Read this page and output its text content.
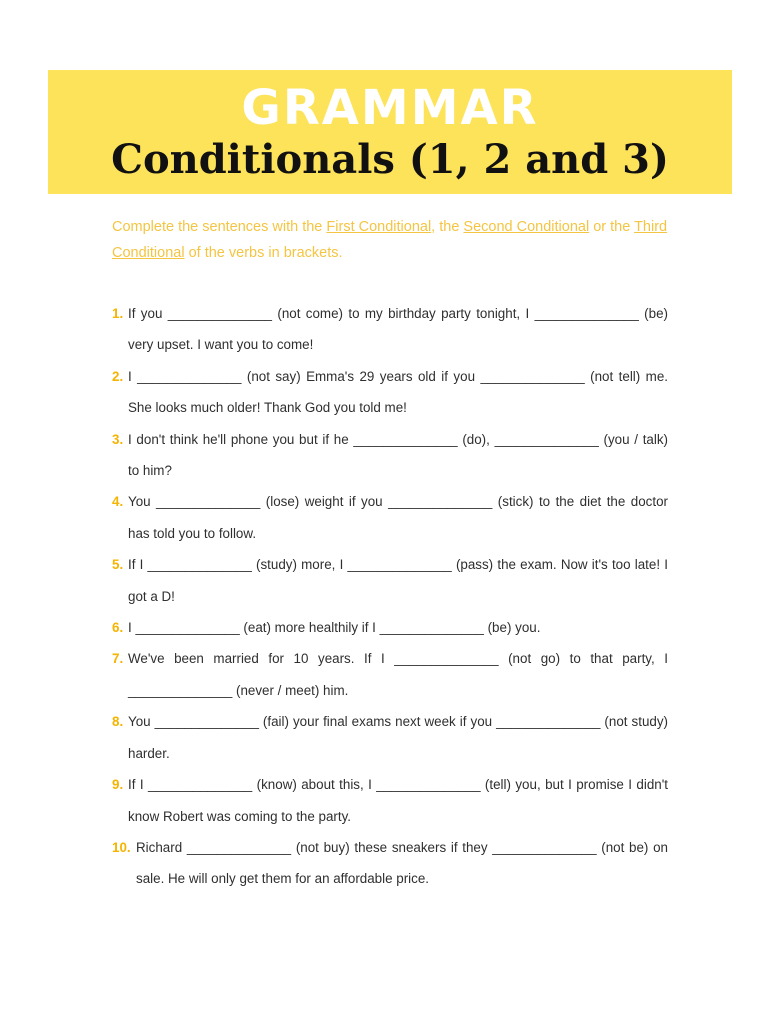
GRAMMAR
Conditionals (1, 2 and 3)
Complete the sentences with the First Conditional, the Second Conditional or the Third Conditional of the verbs in brackets.
1. If you ______________ (not come) to my birthday party tonight, I ______________ (be) very upset. I want you to come!
2. I ______________ (not say) Emma's 29 years old if you ______________ (not tell) me. She looks much older! Thank God you told me!
3. I don't think he'll phone you but if he ______________ (do), ______________ (you / talk) to him?
4. You ______________ (lose) weight if you ______________ (stick) to the diet the doctor has told you to follow.
5. If I ______________ (study) more, I ______________ (pass) the exam. Now it's too late! I got a D!
6. I ______________ (eat) more healthily if I ______________ (be) you.
7. We've been married for 10 years. If I ______________ (not go) to that party, I ______________ (never / meet) him.
8. You ______________ (fail) your final exams next week if you ______________ (not study) harder.
9. If I ______________ (know) about this, I ______________ (tell) you, but I promise I didn't know Robert was coming to the party.
10. Richard ______________ (not buy) these sneakers if they ______________ (not be) on sale. He will only get them for an affordable price.
